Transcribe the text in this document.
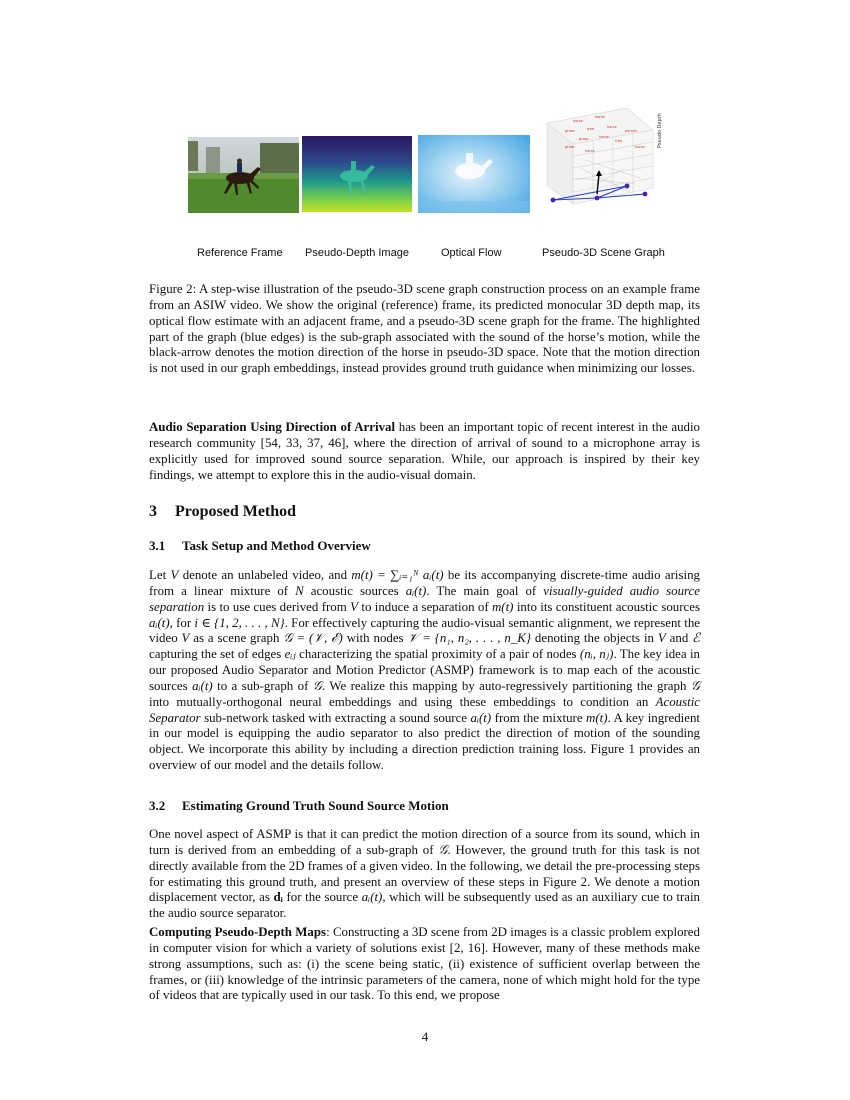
horse
horse
grass	tree	horse
person
grass	horse
tree
grass	horse
horse
Pseudo Depth
Reference Frame Pseudo-Depth Image	Optical Flow	Pseudo-3D Scene Graph

Figure 2: A step-wise illustration of the pseudo-3D scene graph construction process on an example frame from an ASIW video. We show the original (reference) frame, its predicted monocular 3D depth map, its optical flow estimate with an adjacent frame, and a pseudo-3D scene graph for the frame. The highlighted part of the graph (blue edges) is the sub-graph associated with the sound of the horse’s motion, while the black-arrow denotes the motion direction of the horse in pseudo-3D space. Note that the motion direction is not used in our graph embeddings, instead provides ground truth guidance when minimizing our losses.

Audio Separation Using Direction of Arrival has been an important topic of recent interest in the audio research community [54, 33, 37, 46], where the direction of arrival of sound to a microphone array is explicitly used for improved sound source separation. While, our approach is inspired by their key findings, we attempt to explore this in the audio-visual domain.

3 Proposed Method
3.1 Task Setup and Method Overview

Let V denote an unlabeled video, and m(t) = ∑ᵢ₌₁ᴺ aᵢ(t) be its accompanying discrete-time audio arising from a linear mixture of N acoustic sources aᵢ(t). The main goal of visually-guided audio source separation is to use cues derived from V to induce a separation of m(t) into its constituent acoustic sources aᵢ(t), for i ∈ {1, 2, . . . , N}. For effectively capturing the audio-visual semantic alignment, we represent the video V as a scene graph 𝒢 = (𝒱, ℰ) with nodes 𝒱 = {n₁, n₂, . . . , n_K} denoting the objects in V and ℰ capturing the set of edges eᵢⱼ characterizing the spatial proximity of a pair of nodes (nᵢ, nⱼ). The key idea in our proposed Audio Separator and Motion Predictor (ASMP) framework is to map each of the acoustic sources aᵢ(t) to a sub-graph of 𝒢. We realize this mapping by auto-regressively partitioning the graph 𝒢 into mutually-orthogonal neural embeddings and using these embeddings to condition an Acoustic Separator sub-network tasked with extracting a sound source aᵢ(t) from the mixture m(t). A key ingredient in our model is equipping the audio separator to also predict the direction of motion of the sounding object. We incorporate this ability by including a direction prediction training loss. Figure 1 provides an overview of our model and the details follow.

3.2 Estimating Ground Truth Sound Source Motion

One novel aspect of ASMP is that it can predict the motion direction of a source from its sound, which in turn is derived from an embedding of a sub-graph of 𝒢. However, the ground truth for this task is not directly available from the 2D frames of a given video. In the following, we detail the pre-processing steps for estimating this ground truth, and present an overview of these steps in Figure 2. We denote a motion displacement vector, as dᵢ for the source aᵢ(t), which will be subsequently used as an auxiliary cue to train the audio source separator.

Computing Pseudo-Depth Maps: Constructing a 3D scene from 2D images is a classic problem explored in computer vision for which a variety of solutions exist [2, 16]. However, many of these methods make strong assumptions, such as: (i) the scene being static, (ii) existence of sufficient overlap between the frames, or (iii) knowledge of the intrinsic parameters of the camera, none of which might hold for the type of videos that are typically used in our task. To this end, we propose

4
